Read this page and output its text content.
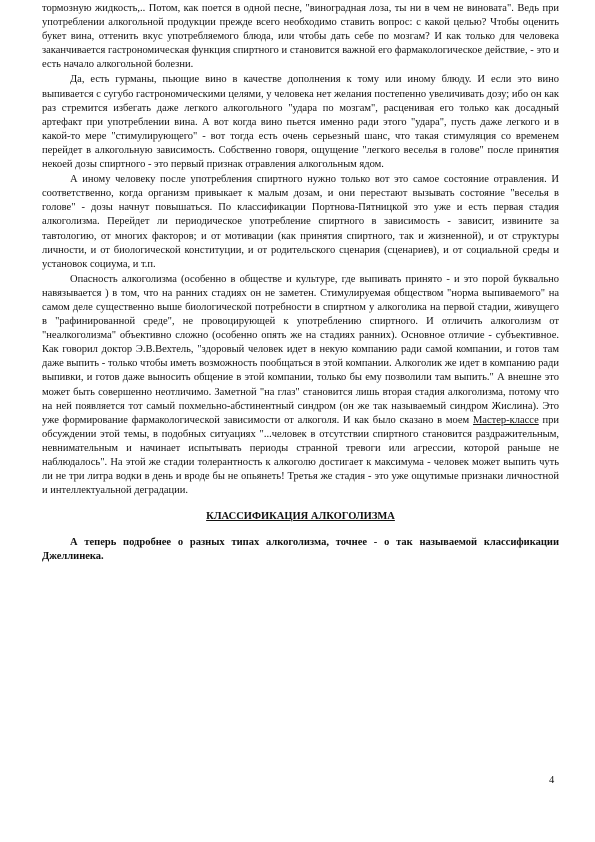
тормозную жидкость,.. Потом, как поется в одной песне, "виноградная лоза, ты ни в чем не виновата". Ведь при употреблении алкогольной продукции прежде всего необходимо ставить вопрос: с какой целью? Чтобы оценить букет вина, оттенить вкус употребляемого блюда, или чтобы дать себе по мозгам? И как только для человека заканчивается гастрономическая функция спиртного и становится важной его фармакологическое действие, - это и есть начало алкогольной болезни.

Да, есть гурманы, пьющие вино в качестве дополнения к тому или иному блюду. И если это вино выпивается с сугубо гастрономическими целями, у человека нет желания постепенно увеличивать дозу; ибо он как раз стремится избегать даже легкого алкогольного "удара по мозгам", расценивая его только как досадный артефакт при употреблении вина. А вот когда вино пьется именно ради этого "удара", пусть даже легкого и в какой-то мере "стимулирующего" - вот тогда есть очень серьезный шанс, что такая стимуляция со временем перейдет в алкогольную зависимость. Собственно говоря, ощущение "легкого веселья в голове" после принятия некоей дозы спиртного - это первый признак отравления алкогольным ядом.

А иному человеку после употребления спиртного нужно только вот это самое состояние отравления. И соответственно, когда организм привыкает к малым дозам, и они перестают вызывать состояние "веселья в голове" - дозы начнут повышаться. По классификации Портнова-Пятницкой это уже и есть первая стадия алкоголизма. Перейдет ли периодическое употребление спиртного в зависимость - зависит, извините за тавтологию, от многих факторов; и от мотивации (как принятия спиртного, так и жизненной), и от структуры личности, и от биологической конституции, и от родительского сценария (сценариев), и от социальной среды и установок социума, и т.п.

Опасность алкоголизма (особенно в обществе и культуре, где выпивать принято - и это порой буквально навязывается ) в том, что на ранних стадиях он не заметен. Стимулируемая обществом "норма выпиваемого" на самом деле существенно выше биологической потребности в спиртном у алкоголика на первой стадии, живущего в "рафинированной среде", не провоцирующей к употреблению спиртного. И отличить алкоголизм от "неалкоголизма" объективно сложно (особенно опять же на стадиях ранних). Основное отличие - субъективное. Как говорил доктор Э.В.Вехтель, "здоровый человек идет в некую компанию ради самой компании, и готов там даже выпить - только чтобы иметь возможность пообщаться в этой компании. Алкоголик же идет в компанию ради выпивки, и готов даже выносить общение в этой компании, только бы ему позволили там выпить." А внешне это может быть совершенно неотличимо. Заметной "на глаз" становится лишь вторая стадия алкоголизма, потому что на ней появляется тот самый похмельно-абстинентный синдром (он же так называемый синдром Жислина). Это уже формирование фармакологической зависимости от алкоголя. И как было сказано в моем Мастер-классе при обсуждении этой темы, в подобных ситуациях "...человек в отсутствии спиртного становится раздражительным, невнимательным и начинает испытывать периоды странной тревоги или агрессии, которой раньше не наблюдалось". На этой же стадии толерантность к алкоголю достигает к максимума - человек может выпить чуть ли не три литра водки в день и вроде бы не опьянеть! Третья же стадия - это уже ощутимые признаки личностной и интеллектуальной деградации.

КЛАССИФИКАЦИЯ АЛКОГОЛИЗМА

А теперь подробнее о разных типах алкоголизма, точнее - о так называемой классификации Джеллинека.

4
